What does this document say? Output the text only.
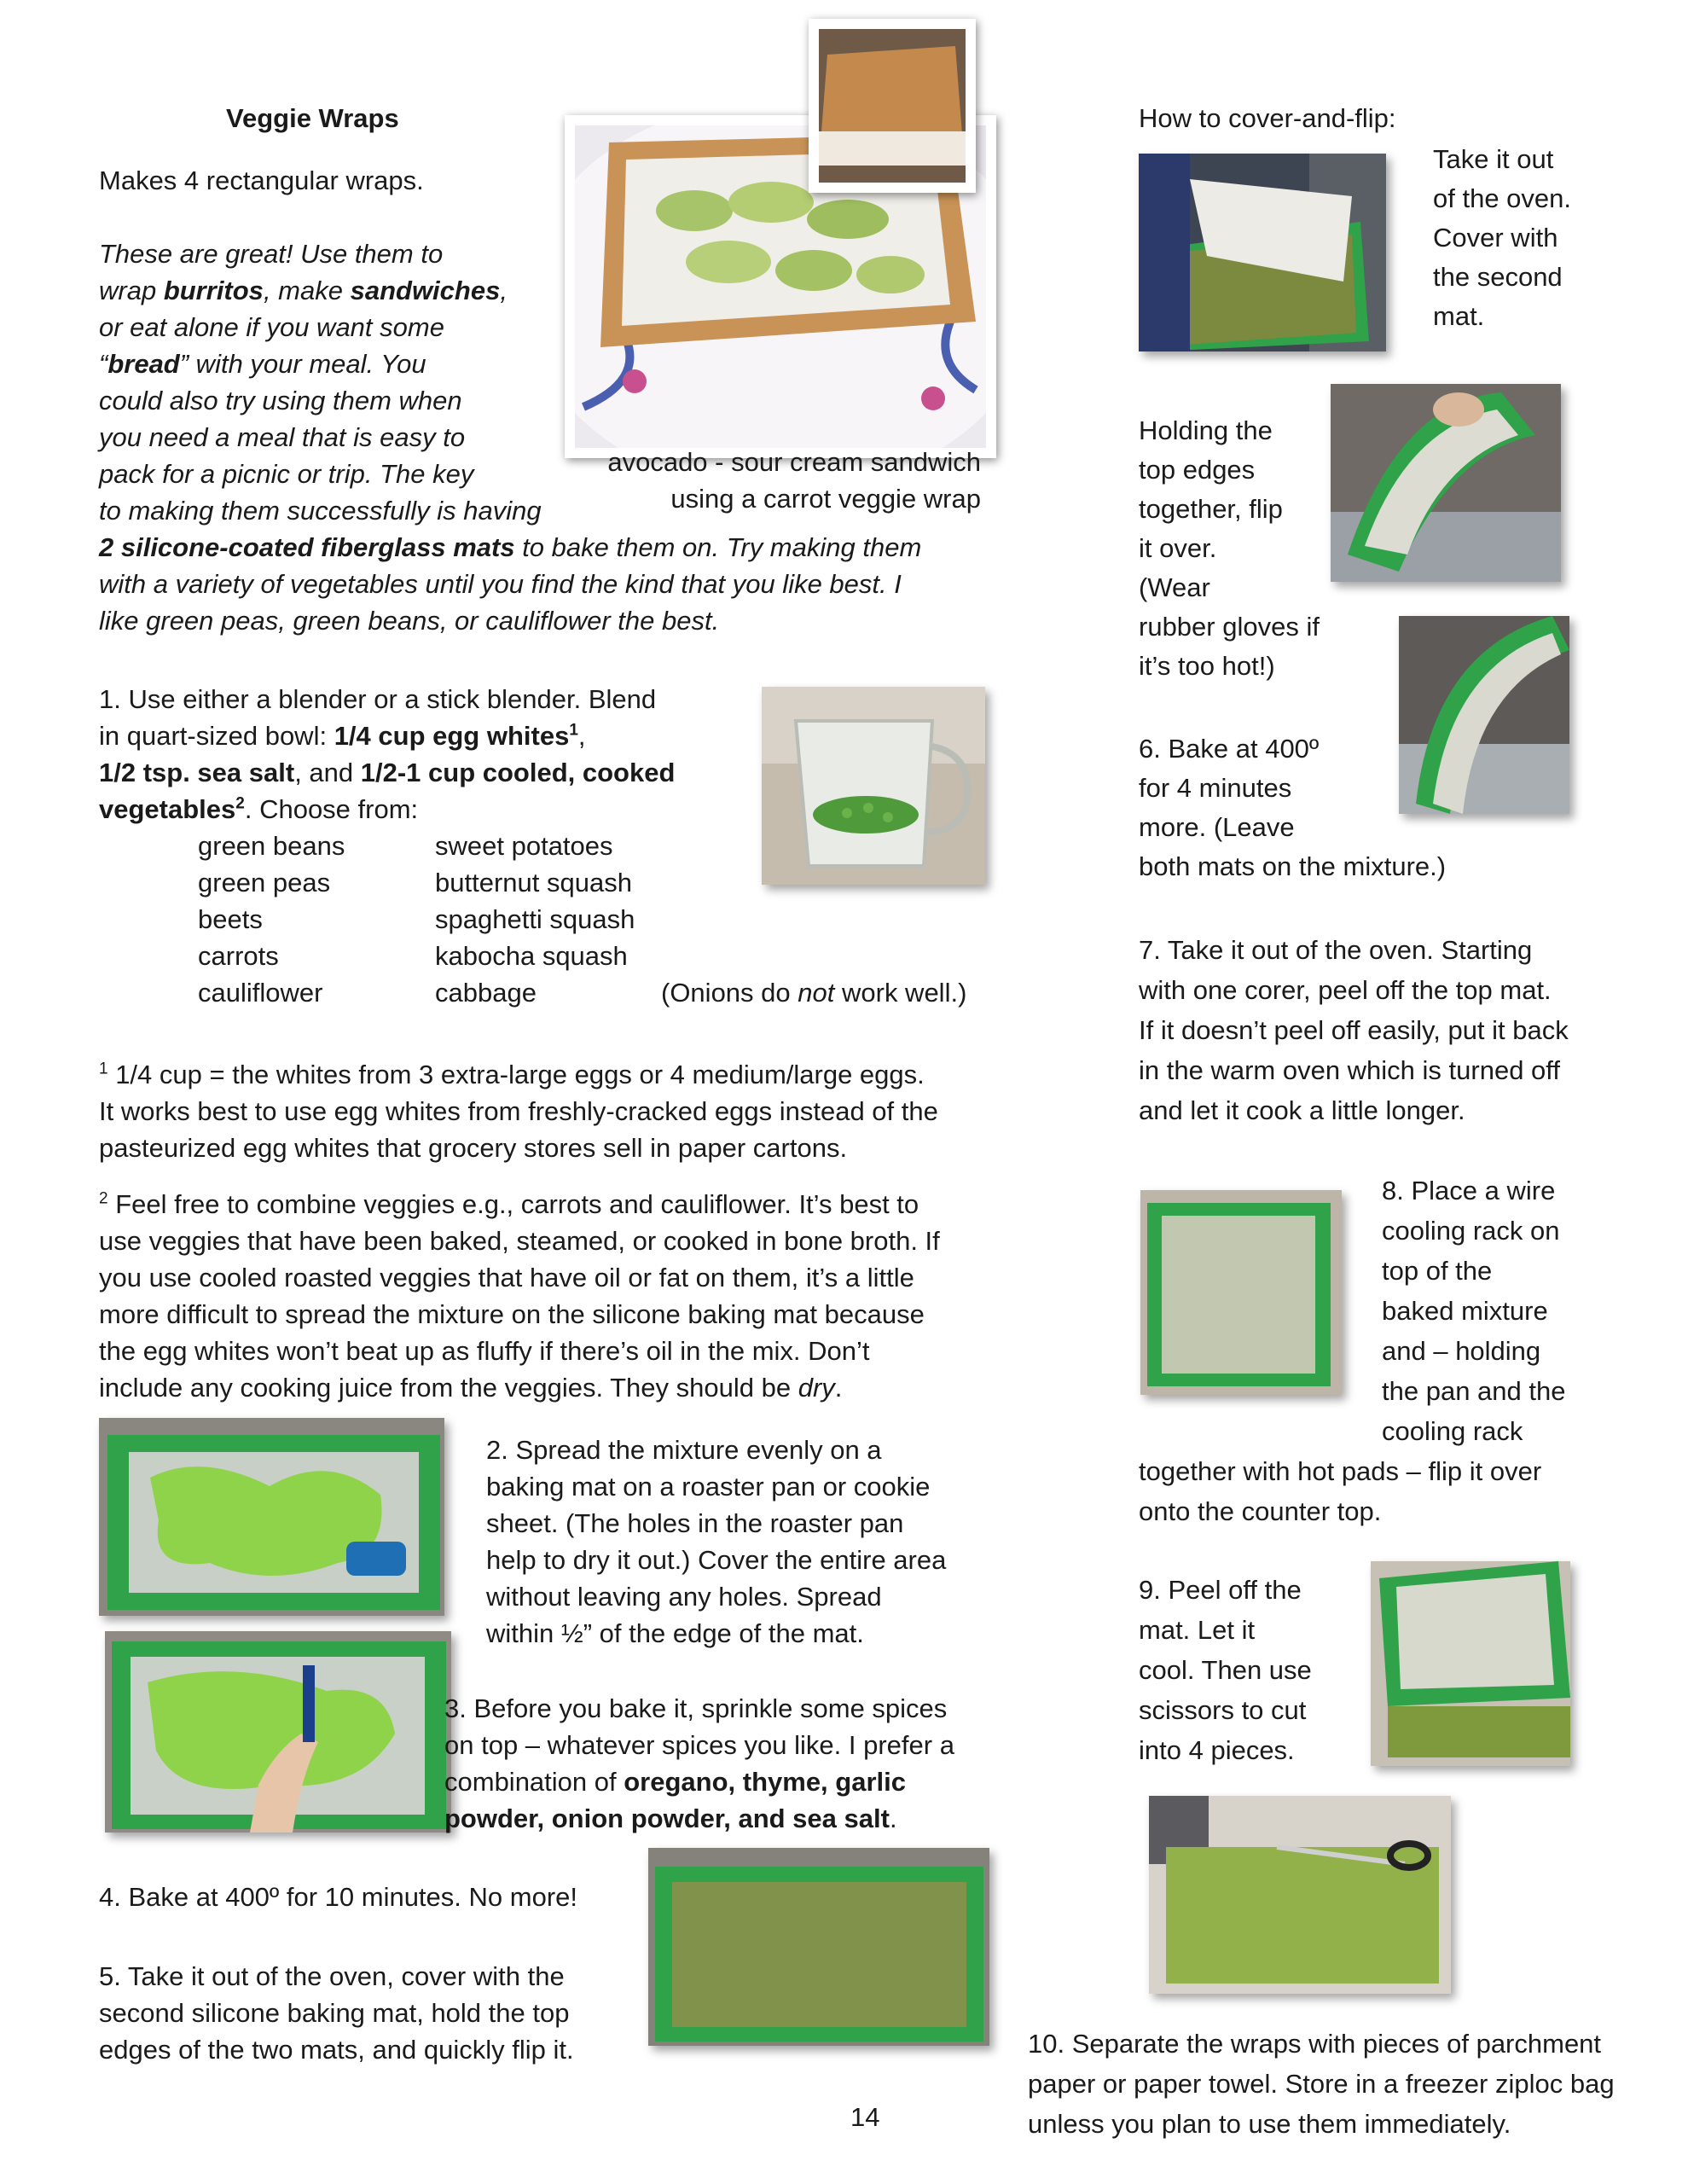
Veggie Wraps
Makes 4 rectangular wraps.
These are great! Use them to
wrap burritos, make sandwiches,
or eat alone if you want some
“bread” with your meal. You
could also try using them when
you need a meal that is easy to
pack for a picnic or trip. The key
to making them successfully is having
2 silicone-coated fiberglass mats to bake them on. Try making them
with a variety of vegetables until you find the kind that you like best. I
like green peas, green beans, or cauliflower the best.
avocado - sour cream sandwich
using a carrot veggie wrap
1. Use either a blender or a stick blender. Blend
in quart-sized bowl: 1/4 cup egg whites$^1$,
1/2 tsp. sea salt, and 1/2-1 cup cooled, cooked
vegetables$^2$. Choose from:
green beans
green peas
beets
carrots
cauliflower
sweet potatoes
butternut squash
spaghetti squash
kabocha squash
cabbage	(Onions do not work well.)
$^1$ 1/4 cup = the whites from 3 extra-large eggs or 4 medium/large eggs.
It works best to use egg whites from freshly-cracked eggs instead of the
pasteurized egg whites that grocery stores sell in paper cartons.
$^2$ Feel free to combine veggies e.g., carrots and cauliflower. It’s best to
use veggies that have been baked, steamed, or cooked in bone broth. If
you use cooled roasted veggies that have oil or fat on them, it’s a little
more difficult to spread the mixture on the silicone baking mat because
the egg whites won’t beat up as fluffy if there’s oil in the mix. Don’t
include any cooking juice from the veggies. They should be dry.
2. Spread the mixture evenly on a
baking mat on a roaster pan or cookie
sheet. (The holes in the roaster pan
help to dry it out.) Cover the entire area
without leaving any holes. Spread
within ½” of the edge of the mat.
3. Before you bake it, sprinkle some spices
on top – whatever spices you like. I prefer a
combination of oregano, thyme, garlic
powder, onion powder, and sea salt.
4. Bake at 400º for 10 minutes. No more!
5. Take it out of the oven, cover with the
second silicone baking mat, hold the top
edges of the two mats, and quickly flip it.
14
How to cover-and-flip:
Take it out
of the oven.
Cover with
the second
mat.
Holding the
top edges
together, flip
it over.
(Wear
rubber gloves if
it’s too hot!)
6. Bake at 400º
for 4 minutes
more. (Leave
both mats on the mixture.)
7. Take it out of the oven. Starting
with one corer, peel off the top mat.
If it doesn’t peel off easily, put it back
in the warm oven which is turned off
and let it cook a little longer.
8. Place a wire
cooling rack on
top of the
baked mixture
and – holding
the pan and the
cooling rack
together with hot pads – flip it over
onto the counter top.
9. Peel off the
mat. Let it
cool. Then use
scissors to cut
into 4 pieces.
10. Separate the wraps with pieces of parchment
paper or paper towel. Store in a freezer ziploc bag
unless you plan to use them immediately.
